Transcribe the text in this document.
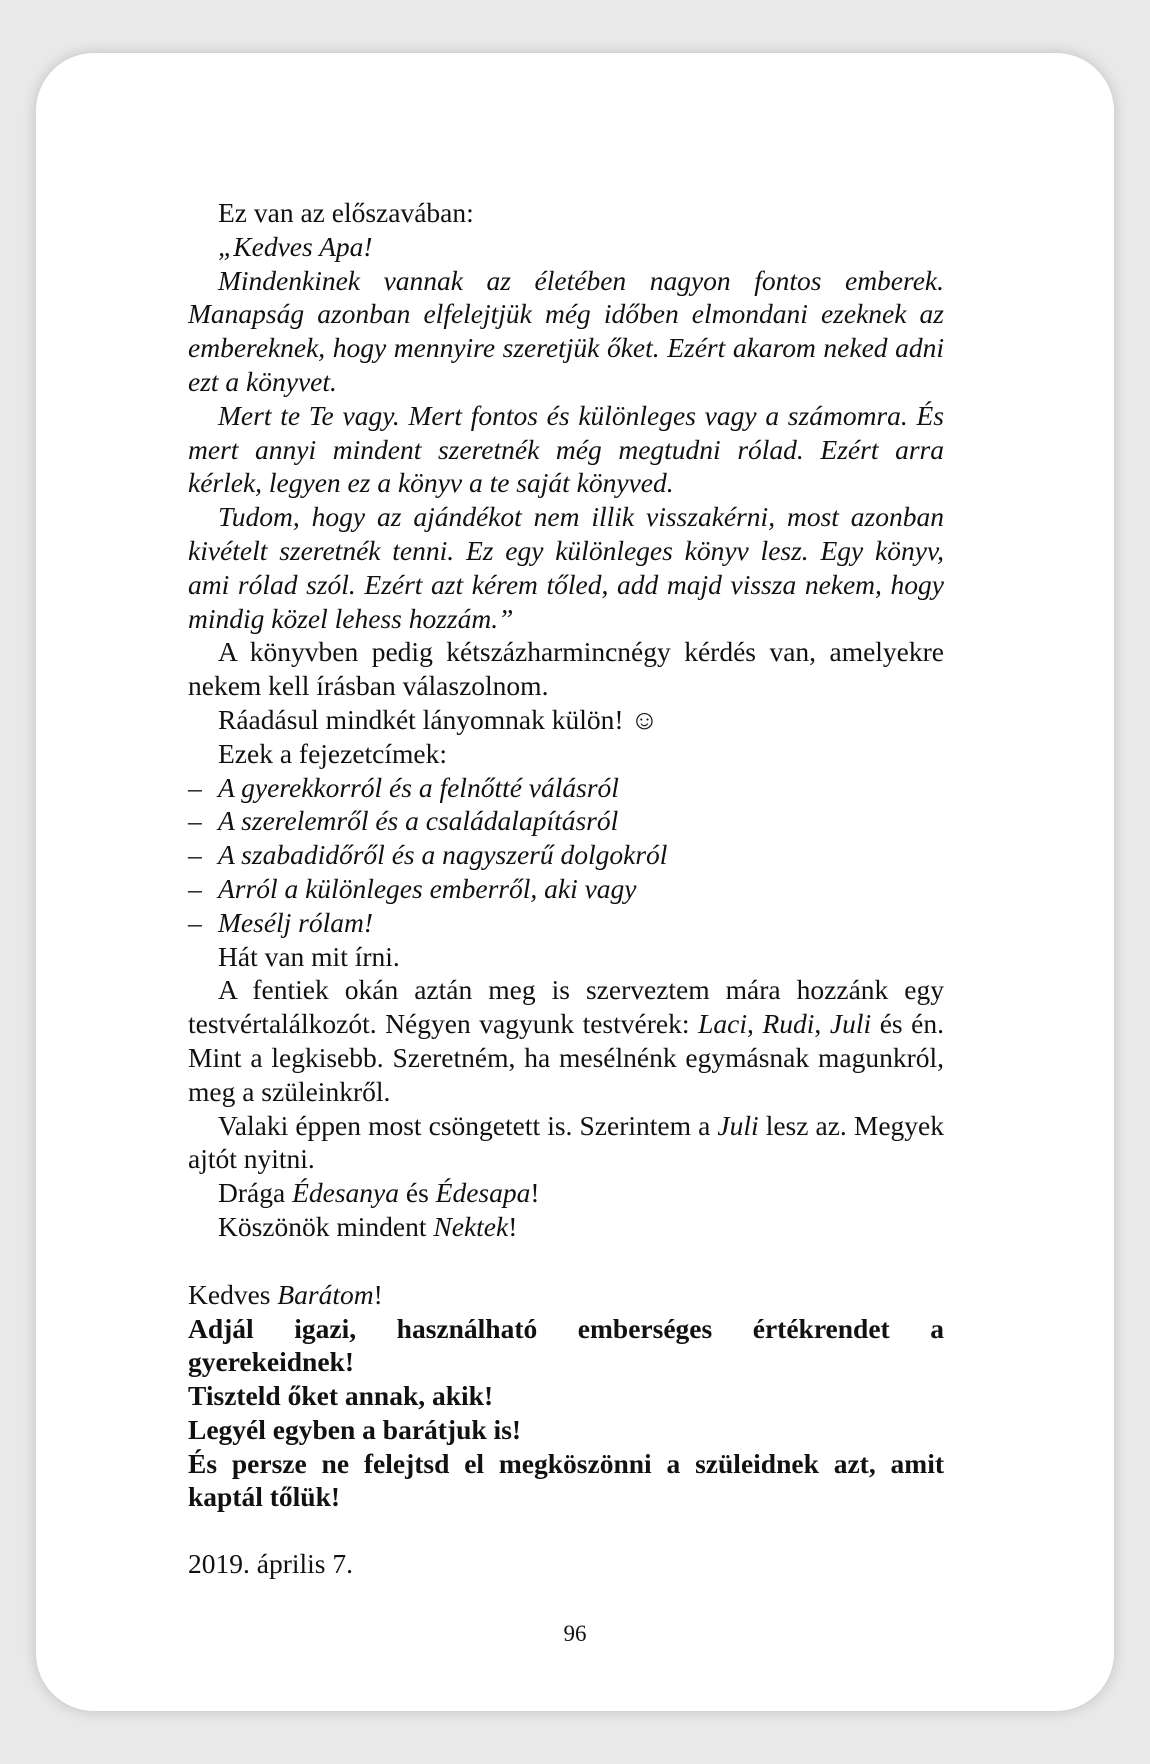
Ez van az előszavában:

„Kedves Apa!

Mindenkinek vannak az életében nagyon fontos emberek. Manapság azonban elfelejtjük még időben elmondani ezeknek az embereknek, hogy mennyire szeretjük őket. Ezért akarom neked adni ezt a könyvet.

Mert te Te vagy. Mert fontos és különleges vagy a számomra. És mert annyi mindent szeretnék még megtudni rólad. Ezért arra kérlek, legyen ez a könyv a te saját könyved.

Tudom, hogy az ajándékot nem illik visszakérni, most azonban kivételt szeretnék tenni. Ez egy különleges könyv lesz. Egy könyv, ami rólad szól. Ezért azt kérem tőled, add majd vissza nekem, hogy mindig közel lehess hozzám.”

A könyvben pedig kétszázharmincnégy kérdés van, amelyekre nekem kell írásban válaszolnom.

Ráadásul mindkét lányomnak külön! ☺

Ezek a fejezetcímek:

– A gyerekkorról és a felnőtté válásról

– A szerelemről és a családalapításról

– A szabadidőről és a nagyszerű dolgokról

– Arról a különleges emberről, aki vagy

– Mesélj rólam!

Hát van mit írni.

A fentiek okán aztán meg is szerveztem mára hozzánk egy testvértalálkozót. Négyen vagyunk testvérek: Laci, Rudi, Juli és én. Mint a legkisebb. Szeretném, ha mesélnénk egymásnak magunkról, meg a szüleinkről.

Valaki éppen most csöngetett is. Szerintem a Juli lesz az. Megyek ajtót nyitni.

Drága Édesanya és Édesapa!

Köszönök mindent Nektek!

Kedves Barátom!

Adjál igazi, használható emberséges értékrendet a gyerekeidnek!

Tiszteld őket annak, akik!

Legyél egyben a barátjuk is!

És persze ne felejtsd el megköszönni a szüleidnek azt, amit kaptál tőlük!

2019. április 7.

96
